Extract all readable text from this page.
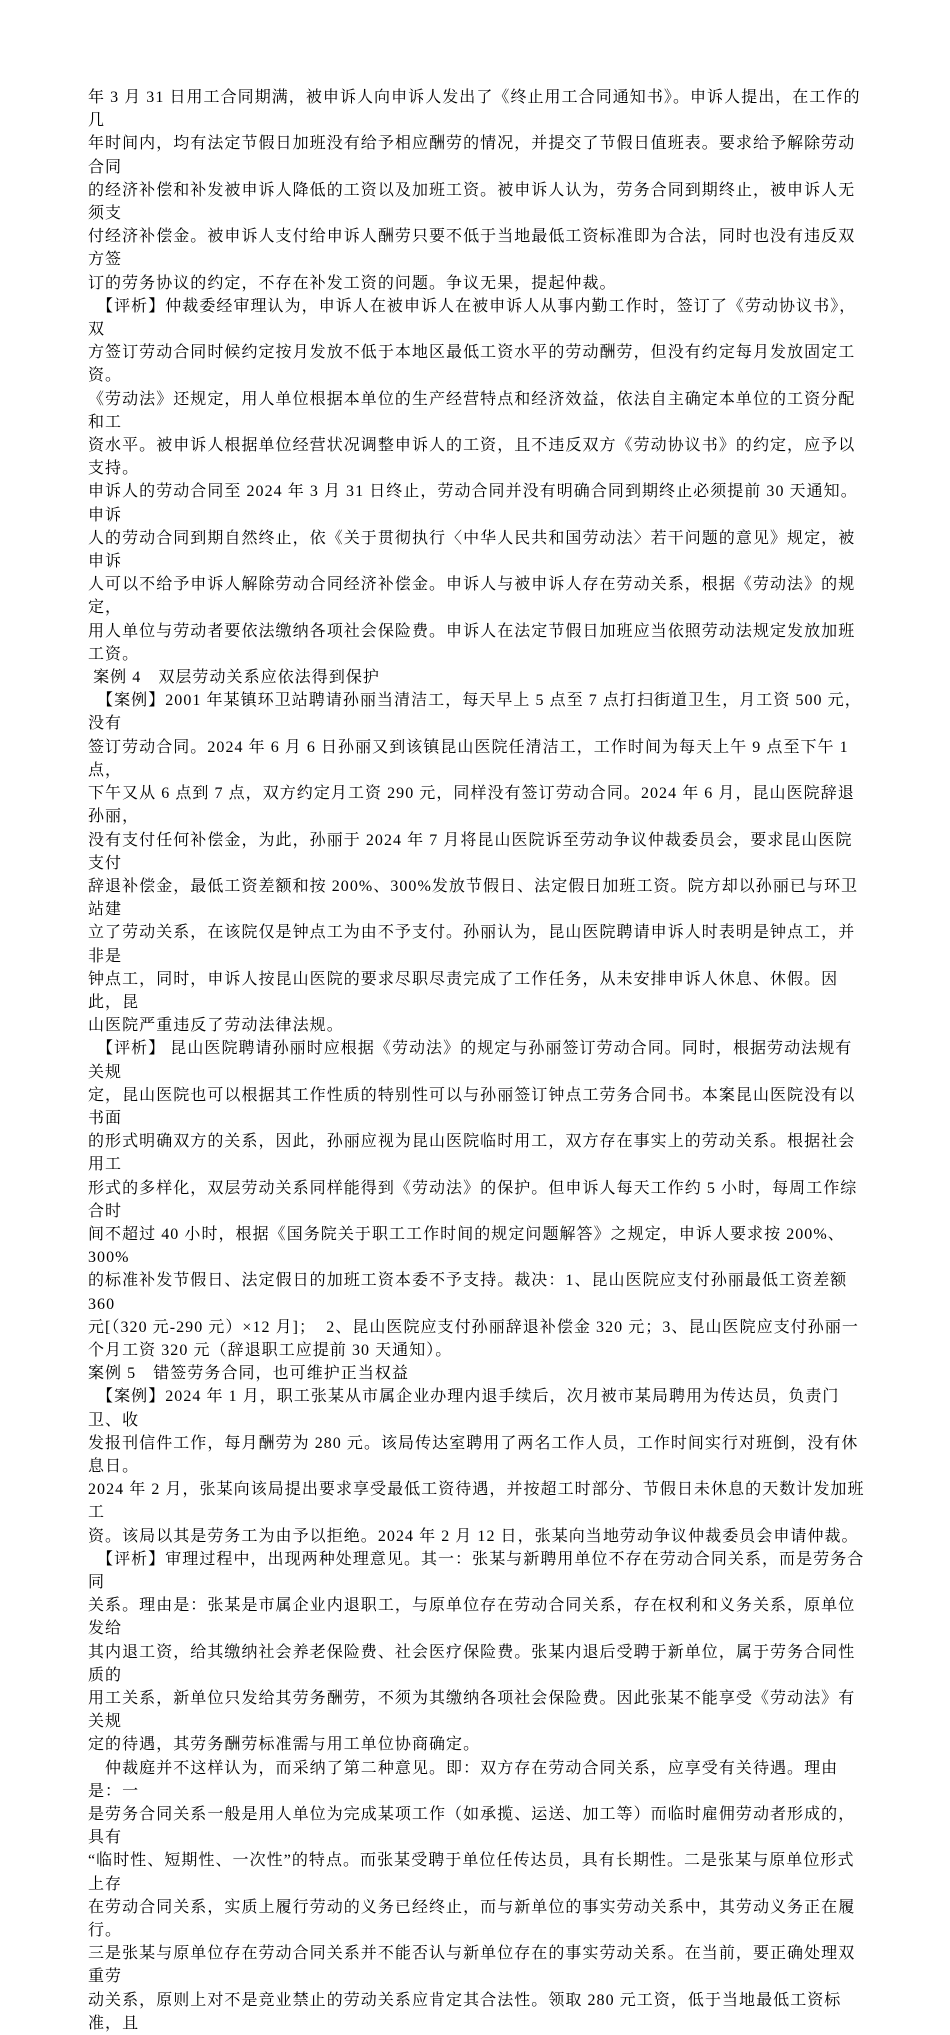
年 3 月 31 日用工合同期满，被申诉人向申诉人发出了《终止用工合同通知书》。申诉人提出，在工作的几
年时间内，均有法定节假日加班没有给予相应酬劳的情况，并提交了节假日值班表。要求给予解除劳动合同
的经济补偿和补发被申诉人降低的工资以及加班工资。被申诉人认为，劳务合同到期终止，被申诉人无须支
付经济补偿金。被申诉人支付给申诉人酬劳只要不低于当地最低工资标准即为合法，同时也没有违反双方签
订的劳务协议的约定，不存在补发工资的问题。争议无果，提起仲裁。
　【评析】仲裁委经审理认为，申诉人在被申诉人在被申诉人从事内勤工作时，签订了《劳动协议书》，双
方签订劳动合同时候约定按月发放不低于本地区最低工资水平的劳动酬劳，但没有约定每月发放固定工资。
《劳动法》还规定，用人单位根据本单位的生产经营特点和经济效益，依法自主确定本单位的工资分配和工
资水平。被申诉人根据单位经营状况调整申诉人的工资，且不违反双方《劳动协议书》的约定，应予以支持。
申诉人的劳动合同至 2024 年 3 月 31 日终止，劳动合同并没有明确合同到期终止必须提前 30 天通知。申诉
人的劳动合同到期自然终止，依《关于贯彻执行〈中华人民共和国劳动法〉若干问题的意见》规定，被申诉
人可以不给予申诉人解除劳动合同经济补偿金。申诉人与被申诉人存在劳动关系，根据《劳动法》的规定，
用人单位与劳动者要依法缴纳各项社会保险费。申诉人在法定节假日加班应当依照劳动法规定发放加班工资。
案例 4　双层劳动关系应依法得到保护
　【案例】2001 年某镇环卫站聘请孙丽当清洁工，每天早上 5 点至 7 点打扫街道卫生，月工资 500 元，没有
签订劳动合同。2024 年 6 月 6 日孙丽又到该镇昆山医院任清洁工，工作时间为每天上午 9 点至下午 1 点，
下午又从 6 点到 7 点，双方约定月工资 290 元，同样没有签订劳动合同。2024 年 6 月，昆山医院辞退孙丽，
没有支付任何补偿金，为此，孙丽于 2024 年 7 月将昆山医院诉至劳动争议仲裁委员会，要求昆山医院支付
辞退补偿金，最低工资差额和按 200%、300%发放节假日、法定假日加班工资。院方却以孙丽已与环卫站建
立了劳动关系，在该院仅是钟点工为由不予支付。孙丽认为，昆山医院聘请申诉人时表明是钟点工，并非是
钟点工，同时，申诉人按昆山医院的要求尽职尽责完成了工作任务，从未安排申诉人休息、休假。因此，昆
山医院严重违反了劳动法律法规。
　【评析】 昆山医院聘请孙丽时应根据《劳动法》的规定与孙丽签订劳动合同。同时，根据劳动法规有关规
定，昆山医院也可以根据其工作性质的特别性可以与孙丽签订钟点工劳务合同书。本案昆山医院没有以书面
的形式明确双方的关系，因此，孙丽应视为昆山医院临时用工，双方存在事实上的劳动关系。根据社会用工
形式的多样化，双层劳动关系同样能得到《劳动法》的保护。但申诉人每天工作约 5 小时，每周工作综合时
间不超过 40 小时，根据《国务院关于职工工作时间的规定问题解答》之规定，申诉人要求按 200%、300%
的标准补发节假日、法定假日的加班工资本委不予支持。裁决：1、昆山医院应支付孙丽最低工资差额 360
元[（320 元-290 元）×12 月]；  2、昆山医院应支付孙丽辞退补偿金 320 元；3、昆山医院应支付孙丽一
个月工资 320 元（辞退职工应提前 30 天通知）。
案例 5　错签劳务合同，也可维护正当权益
　【案例】2024 年 1 月，职工张某从市属企业办理内退手续后，次月被市某局聘用为传达员，负责门卫、收
发报刊信件工作，每月酬劳为 280 元。该局传达室聘用了两名工作人员，工作时间实行对班倒，没有休息日。
2024 年 2 月，张某向该局提出要求享受最低工资待遇，并按超工时部分、节假日未休息的天数计发加班工
资。该局以其是劳务工为由予以拒绝。2024 年 2 月 12 日，张某向当地劳动争议仲裁委员会申请仲裁。
　【评析】审理过程中，出现两种处理意见。其一：张某与新聘用单位不存在劳动合同关系，而是劳务合同
关系。理由是：张某是市属企业内退职工，与原单位存在劳动合同关系，存在权利和义务关系，原单位发给
其内退工资，给其缴纳社会养老保险费、社会医疗保险费。张某内退后受聘于新单位，属于劳务合同性质的
用工关系，新单位只发给其劳务酬劳，不须为其缴纳各项社会保险费。因此张某不能享受《劳动法》有关规
定的待遇，其劳务酬劳标准需与用工单位协商确定。
　仲裁庭并不这样认为，而采纳了第二种意见。即：双方存在劳动合同关系，应享受有关待遇。理由是：一
是劳务合同关系一般是用人单位为完成某项工作（如承揽、运送、加工等）而临时雇佣劳动者形成的，具有
“临时性、短期性、一次性”的特点。而张某受聘于单位任传达员，具有长期性。二是张某与原单位形式上存
在劳动合同关系，实质上履行劳动的义务已经终止，而与新单位的事实劳动关系中，其劳动义务正在履行。
三是张某与原单位存在劳动合同关系并不能否认与新单位存在的事实劳动关系。在当前，要正确处理双重劳
动关系，原则上对不是竞业禁止的劳动关系应肯定其合法性。领取 280 元工资，低于当地最低工资标准，且
